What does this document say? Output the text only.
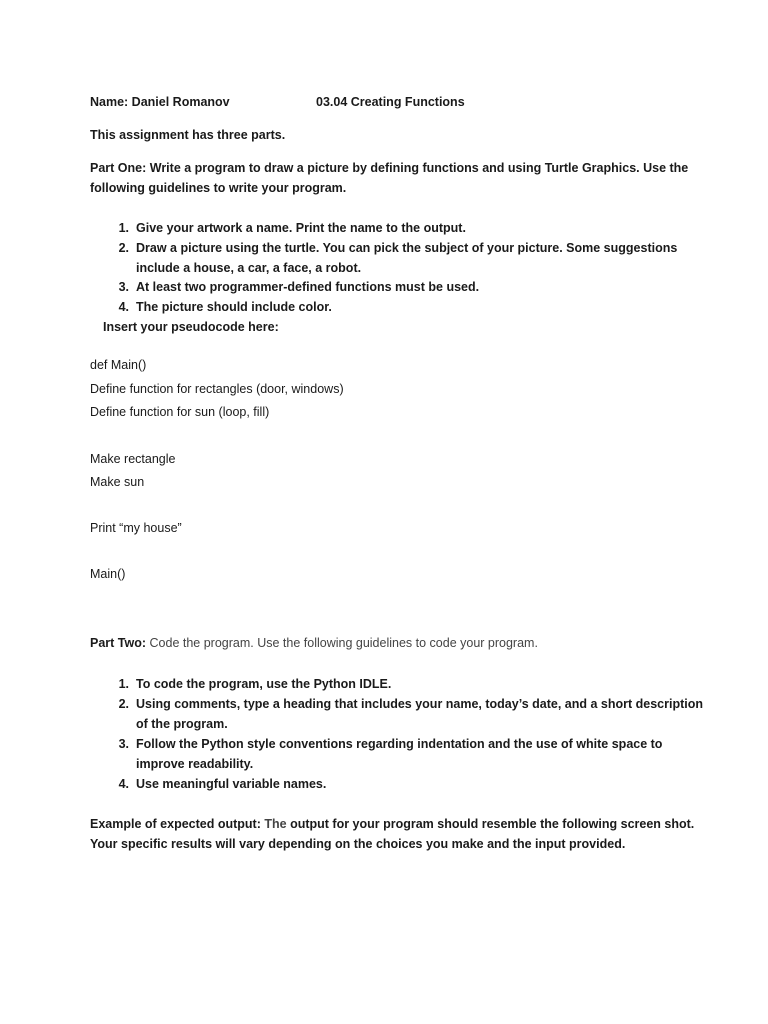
Name: Daniel Romanov	03.04 Creating Functions
This assignment has three parts.
Part One: Write a program to draw a picture by defining functions and using Turtle Graphics. Use the
following guidelines to write your program.
1. Give your artwork a name. Print the name to the output.
2. Draw a picture using the turtle. You can pick the subject of your picture. Some suggestions
include a house, a car, a face, a robot.
3. At least two programmer-defined functions must be used.
4. The picture should include color.
Insert your pseudocode here:
def Main()
Define function for rectangles (door, windows)
Define function for sun (loop, fill)
Make rectangle
Make sun
Print “my house”
Main()
Part Two: Code the program. Use the following guidelines to code your program.
1. To code the program, use the Python IDLE.
2. Using comments, type a heading that includes your name, today’s date, and a short description
of the program.
3. Follow the Python style conventions regarding indentation and the use of white space to
improve readability.
4. Use meaningful variable names.
Example of expected output: The output for your program should resemble the following screen shot.
Your specific results will vary depending on the choices you make and the input provided.
